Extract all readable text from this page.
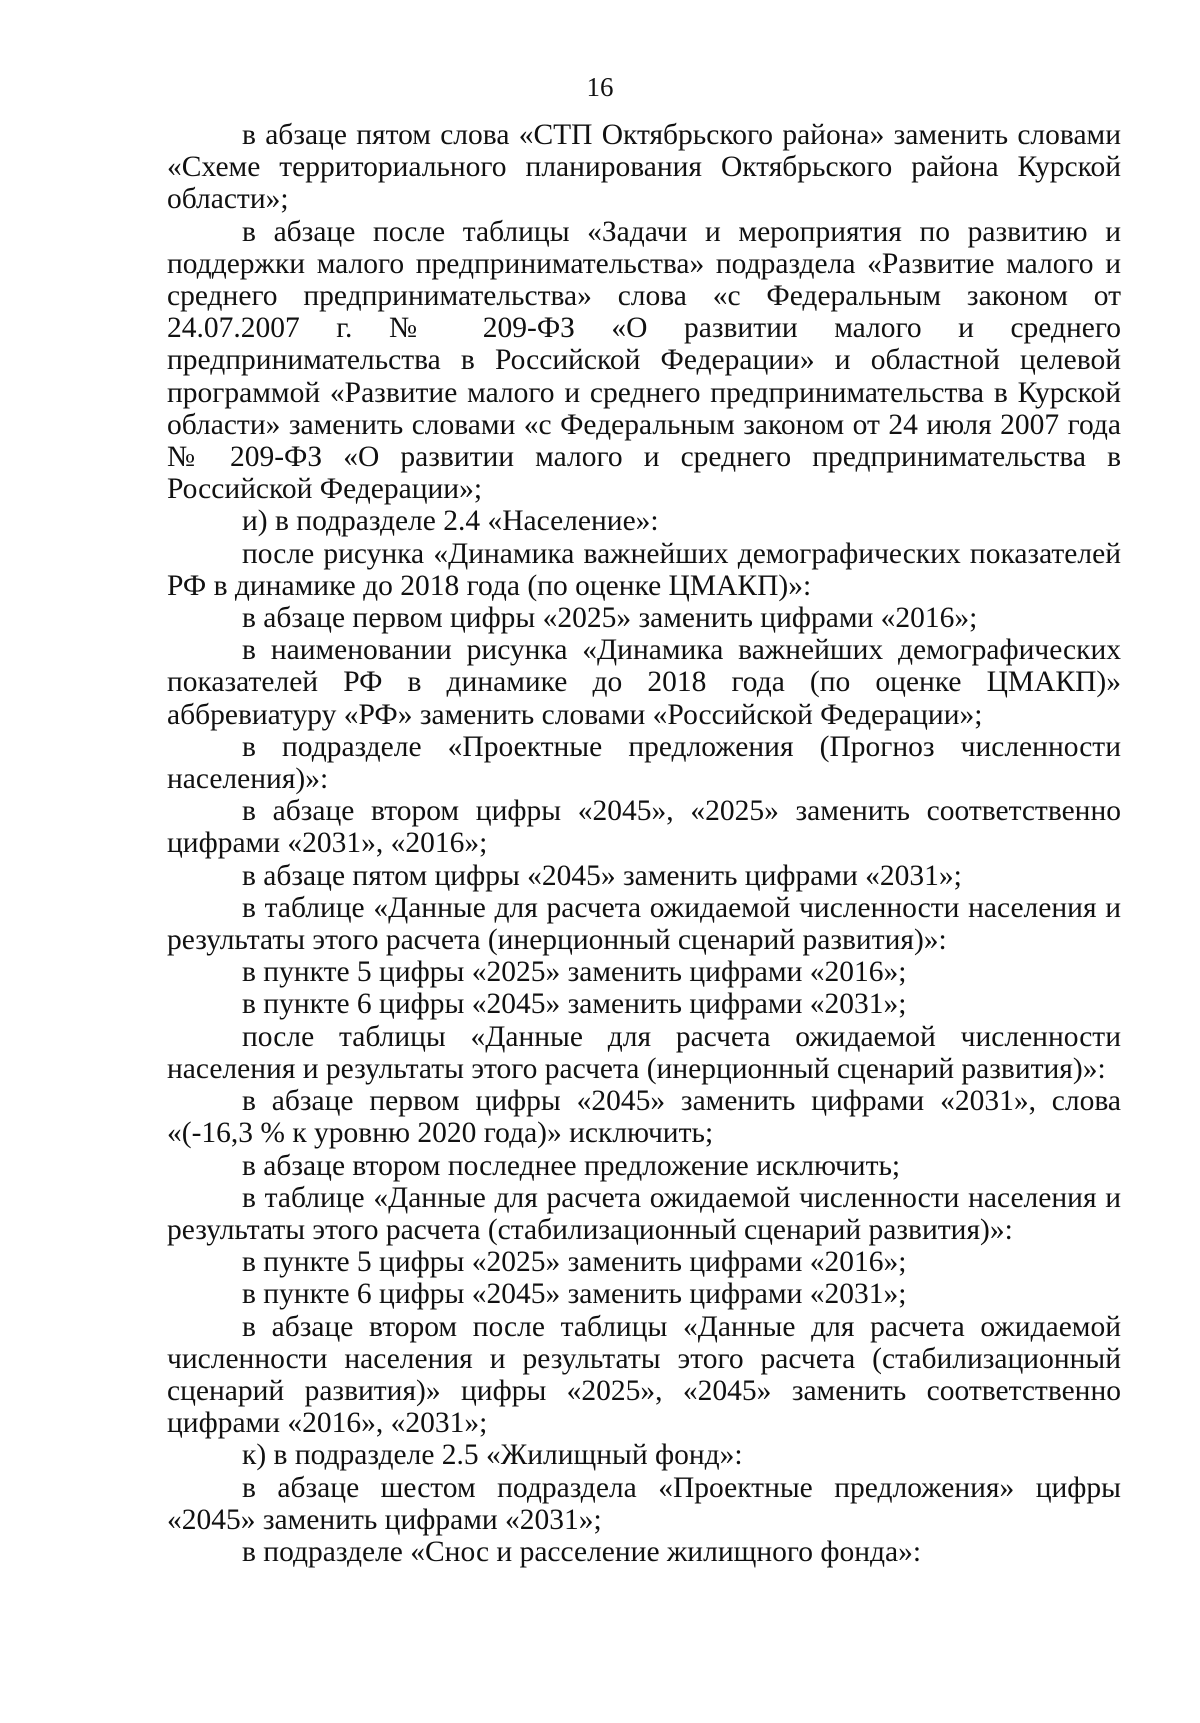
16

в абзаце пятом слова «СТП Октябрьского района» заменить словами «Схеме территориального планирования Октябрьского района Курской области»;

в абзаце после таблицы «Задачи и мероприятия по развитию и поддержки малого предпринимательства» подраздела «Развитие малого и среднего предпринимательства» слова «с Федеральным законом от 24.07.2007 г. № 209-ФЗ «О развитии малого и среднего предпринимательства в Российской Федерации» и областной целевой программой «Развитие малого и среднего предпринимательства в Курской области» заменить словами «с Федеральным законом от 24 июля 2007 года № 209-ФЗ «О развитии малого и среднего предпринимательства в Российской Федерации»;

и) в подразделе 2.4 «Население»:

после рисунка «Динамика важнейших демографических показателей РФ в динамике до 2018 года (по оценке ЦМАКП)»:

в абзаце первом цифры «2025» заменить цифрами «2016»;

в наименовании рисунка «Динамика важнейших демографических показателей РФ в динамике до 2018 года (по оценке ЦМАКП)» аббревиатуру «РФ» заменить словами «Российской Федерации»;

в подразделе «Проектные предложения (Прогноз численности населения)»:

в абзаце втором цифры «2045», «2025» заменить соответственно цифрами «2031», «2016»;

в абзаце пятом цифры «2045» заменить цифрами «2031»;

в таблице «Данные для расчета ожидаемой численности населения и результаты этого расчета (инерционный сценарий развития)»:

в пункте 5 цифры «2025» заменить цифрами «2016»;

в пункте 6 цифры «2045» заменить цифрами «2031»;

после таблицы «Данные для расчета ожидаемой численности населения и результаты этого расчета (инерционный сценарий развития)»:

в абзаце первом цифры «2045» заменить цифрами «2031», слова «(-16,3 % к уровню 2020 года)» исключить;

в абзаце втором последнее предложение исключить;

в таблице «Данные для расчета ожидаемой численности населения и результаты этого расчета (стабилизационный сценарий развития)»:

в пункте 5 цифры «2025» заменить цифрами «2016»;

в пункте 6 цифры «2045» заменить цифрами «2031»;

в абзаце втором после таблицы «Данные для расчета ожидаемой численности населения и результаты этого расчета (стабилизационный сценарий развития)» цифры «2025», «2045» заменить соответственно цифрами «2016», «2031»;

к) в подразделе 2.5 «Жилищный фонд»:

в абзаце шестом подраздела «Проектные предложения» цифры «2045» заменить цифрами «2031»;

в подразделе «Снос и расселение жилищного фонда»:
